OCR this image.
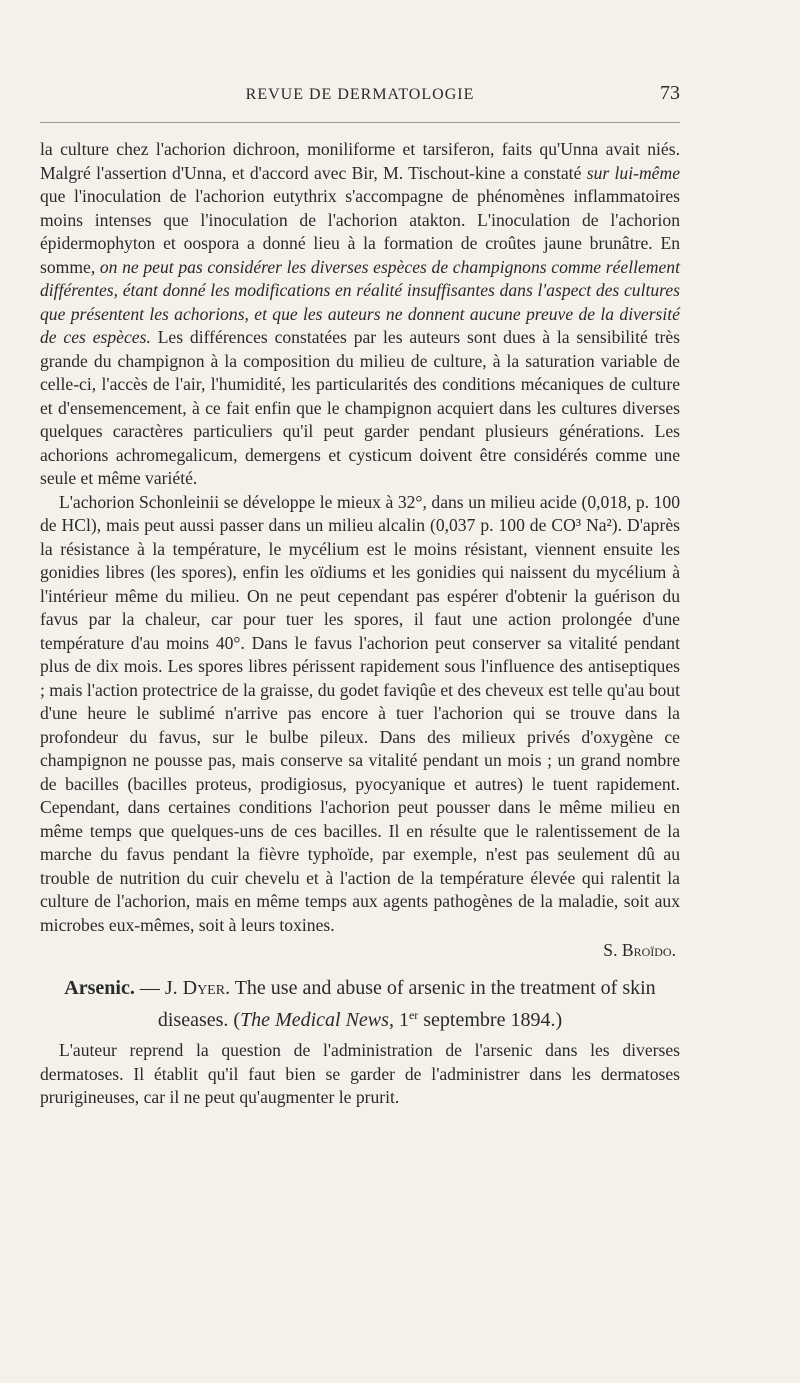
REVUE DE DERMATOLOGIE	73

la culture chez l'achorion dichroon, moniliforme et tarsiferon, faits qu'Unna avait niés. Malgré l'assertion d'Unna, et d'accord avec Bir, M. Tischout-kine a constaté sur lui-même que l'inoculation de l'achorion eutythrix s'accompagne de phénomènes inflammatoires moins intenses que l'inoculation de l'achorion atakton. L'inoculation de l'achorion épidermophyton et oospora a donné lieu à la formation de croûtes jaune brunâtre. En somme, on ne peut pas considérer les diverses espèces de champignons comme réellement différentes, étant donné les modifications en réalité insuffisantes dans l'aspect des cultures que présentent les achorions, et que les auteurs ne donnent aucune preuve de la diversité de ces espèces. Les différences constatées par les auteurs sont dues à la sensibilité très grande du champignon à la composition du milieu de culture, à la saturation variable de celle-ci, l'accès de l'air, l'humidité, les particularités des conditions mécaniques de culture et d'ensemencement, à ce fait enfin que le champignon acquiert dans les cultures diverses quelques caractères particuliers qu'il peut garder pendant plusieurs générations. Les achorions achromegalicum, demergens et cysticum doivent être considérés comme une seule et même variété.

L'achorion Schonleinii se développe le mieux à 32°, dans un milieu acide (0,018, p. 100 de HCl), mais peut aussi passer dans un milieu alcalin (0,037 p. 100 de CO³ Na²). D'après la résistance à la température, le mycélium est le moins résistant, viennent ensuite les gonidies libres (les spores), enfin les oïdiums et les gonidies qui naissent du mycélium à l'intérieur même du milieu. On ne peut cependant pas espérer d'obtenir la guérison du favus par la chaleur, car pour tuer les spores, il faut une action prolongée d'une température d'au moins 40°. Dans le favus l'achorion peut conserver sa vitalité pendant plus de dix mois. Les spores libres périssent rapidement sous l'influence des antiseptiques ; mais l'action protectrice de la graisse, du godet faviqûe et des cheveux est telle qu'au bout d'une heure le sublimé n'arrive pas encore à tuer l'achorion qui se trouve dans la profondeur du favus, sur le bulbe pileux. Dans des milieux privés d'oxygène ce champignon ne pousse pas, mais conserve sa vitalité pendant un mois ; un grand nombre de bacilles (bacilles proteus, prodigiosus, pyocyanique et autres) le tuent rapidement. Cependant, dans certaines conditions l'achorion peut pousser dans le même milieu en même temps que quelques-uns de ces bacilles. Il en résulte que le ralentissement de la marche du favus pendant la fièvre typhoïde, par exemple, n'est pas seulement dû au trouble de nutrition du cuir chevelu et à l'action de la température élevée qui ralentit la culture de l'achorion, mais en même temps aux agents pathogènes de la maladie, soit aux microbes eux-mêmes, soit à leurs toxines.

S. Broïdo.

Arsenic. — J. Dyer. The use and abuse of arsenic in the treatment of skin diseases. (The Medical News, 1er septembre 1894.)

L'auteur reprend la question de l'administration de l'arsenic dans les diverses dermatoses. Il établit qu'il faut bien se garder de l'administrer dans les dermatoses prurigineuses, car il ne peut qu'augmenter le prurit.
